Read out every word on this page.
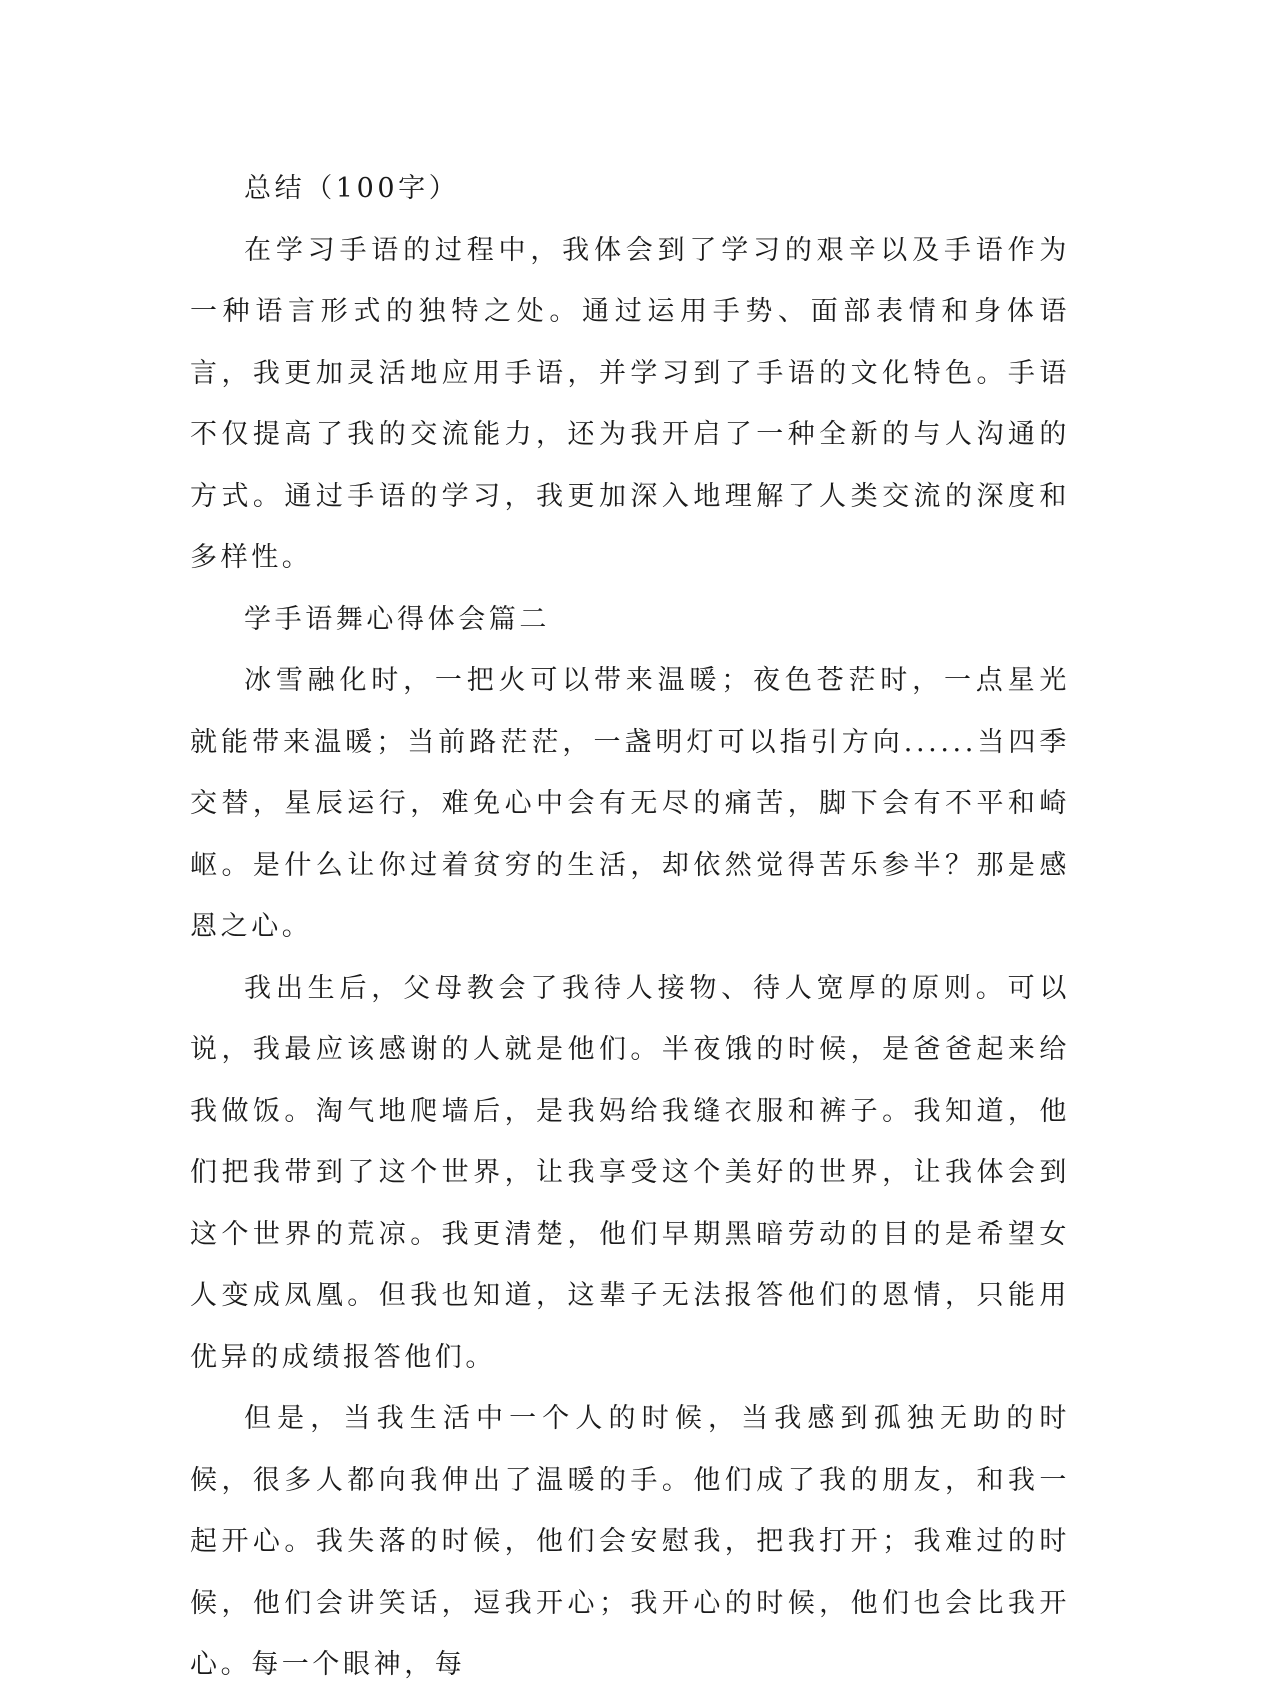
总结（100字）

在学习手语的过程中，我体会到了学习的艰辛以及手语作为一种语言形式的独特之处。通过运用手势、面部表情和身体语言，我更加灵活地应用手语，并学习到了手语的文化特色。手语不仅提高了我的交流能力，还为我开启了一种全新的与人沟通的方式。通过手语的学习，我更加深入地理解了人类交流的深度和多样性。

学手语舞心得体会篇二

冰雪融化时，一把火可以带来温暖；夜色苍茫时，一点星光就能带来温暖；当前路茫茫，一盏明灯可以指引方向......当四季交替，星辰运行，难免心中会有无尽的痛苦，脚下会有不平和崎岖。是什么让你过着贫穷的生活，却依然觉得苦乐参半？那是感恩之心。

我出生后，父母教会了我待人接物、待人宽厚的原则。可以说，我最应该感谢的人就是他们。半夜饿的时候，是爸爸起来给我做饭。淘气地爬墙后，是我妈给我缝衣服和裤子。我知道，他们把我带到了这个世界，让我享受这个美好的世界，让我体会到这个世界的荒凉。我更清楚，他们早期黑暗劳动的目的是希望女人变成凤凰。但我也知道，这辈子无法报答他们的恩情，只能用优异的成绩报答他们。

但是，当我生活中一个人的时候，当我感到孤独无助的时候，很多人都向我伸出了温暖的手。他们成了我的朋友，和我一起开心。我失落的时候，他们会安慰我，把我打开；我难过的时候，他们会讲笑话，逗我开心；我开心的时候，他们也会比我开心。每一个眼神，每
